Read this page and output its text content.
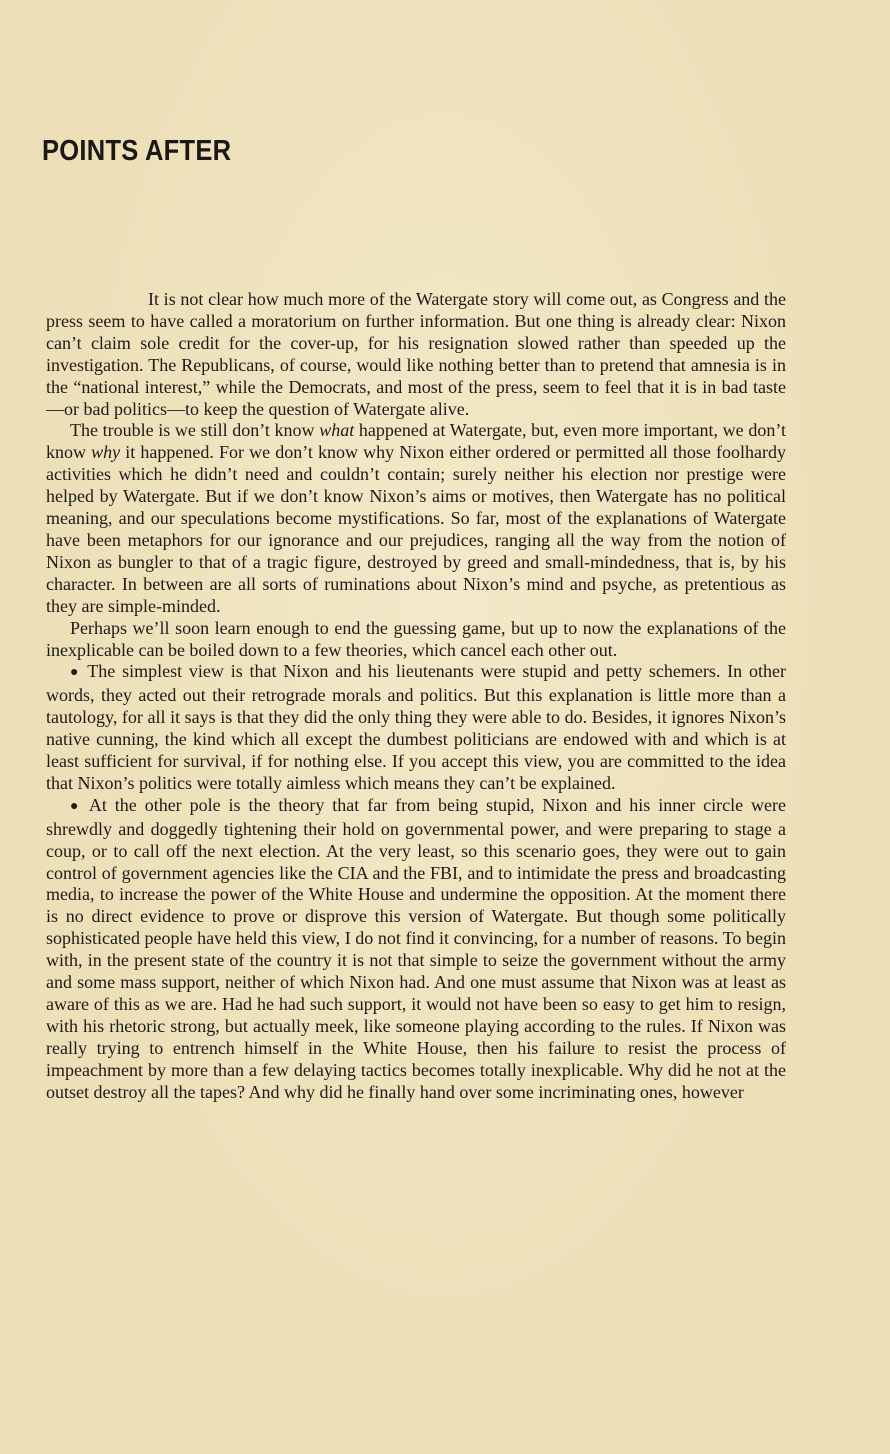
POINTS AFTER

It is not clear how much more of the Watergate story will come out, as Congress and the press seem to have called a moratorium on further information. But one thing is already clear: Nixon can’t claim sole credit for the cover-up, for his resignation slowed rather than speeded up the investigation. The Republicans, of course, would like nothing better than to pretend that amnesia is in the “national interest,” while the Democrats, and most of the press, seem to feel that it is in bad taste—or bad politics—to keep the question of Watergate alive.

The trouble is we still don’t know what happened at Watergate, but, even more important, we don’t know why it happened. For we don’t know why Nixon either ordered or permitted all those foolhardy activities which he didn’t need and couldn’t contain; surely neither his election nor prestige were helped by Watergate. But if we don’t know Nixon’s aims or motives, then Watergate has no political meaning, and our speculations become mystifications. So far, most of the explanations of Watergate have been metaphors for our ignorance and our prejudices, ranging all the way from the notion of Nixon as bungler to that of a tragic figure, destroyed by greed and small-mindedness, that is, by his character. In between are all sorts of ruminations about Nixon’s mind and psyche, as pretentious as they are simple-minded.

Perhaps we’ll soon learn enough to end the guessing game, but up to now the explanations of the inexplicable can be boiled down to a few theories, which cancel each other out.

● The simplest view is that Nixon and his lieutenants were stupid and petty schemers. In other words, they acted out their retrograde morals and politics. But this explanation is little more than a tautology, for all it says is that they did the only thing they were able to do. Besides, it ignores Nixon’s native cunning, the kind which all except the dumbest politicians are endowed with and which is at least sufficient for survival, if for nothing else. If you accept this view, you are committed to the idea that Nixon’s politics were totally aimless which means they can’t be explained.

● At the other pole is the theory that far from being stupid, Nixon and his inner circle were shrewdly and doggedly tightening their hold on governmental power, and were preparing to stage a coup, or to call off the next election. At the very least, so this scenario goes, they were out to gain control of government agencies like the CIA and the FBI, and to intimidate the press and broadcasting media, to increase the power of the White House and undermine the opposition. At the moment there is no direct evidence to prove or disprove this version of Watergate. But though some politically sophisticated people have held this view, I do not find it convincing, for a number of reasons. To begin with, in the present state of the country it is not that simple to seize the government without the army and some mass support, neither of which Nixon had. And one must assume that Nixon was at least as aware of this as we are. Had he had such support, it would not have been so easy to get him to resign, with his rhetoric strong, but actually meek, like someone playing according to the rules. If Nixon was really trying to entrench himself in the White House, then his failure to resist the process of impeachment by more than a few delaying tactics becomes totally inexplicable. Why did he not at the outset destroy all the tapes? And why did he finally hand over some incriminating ones, however
